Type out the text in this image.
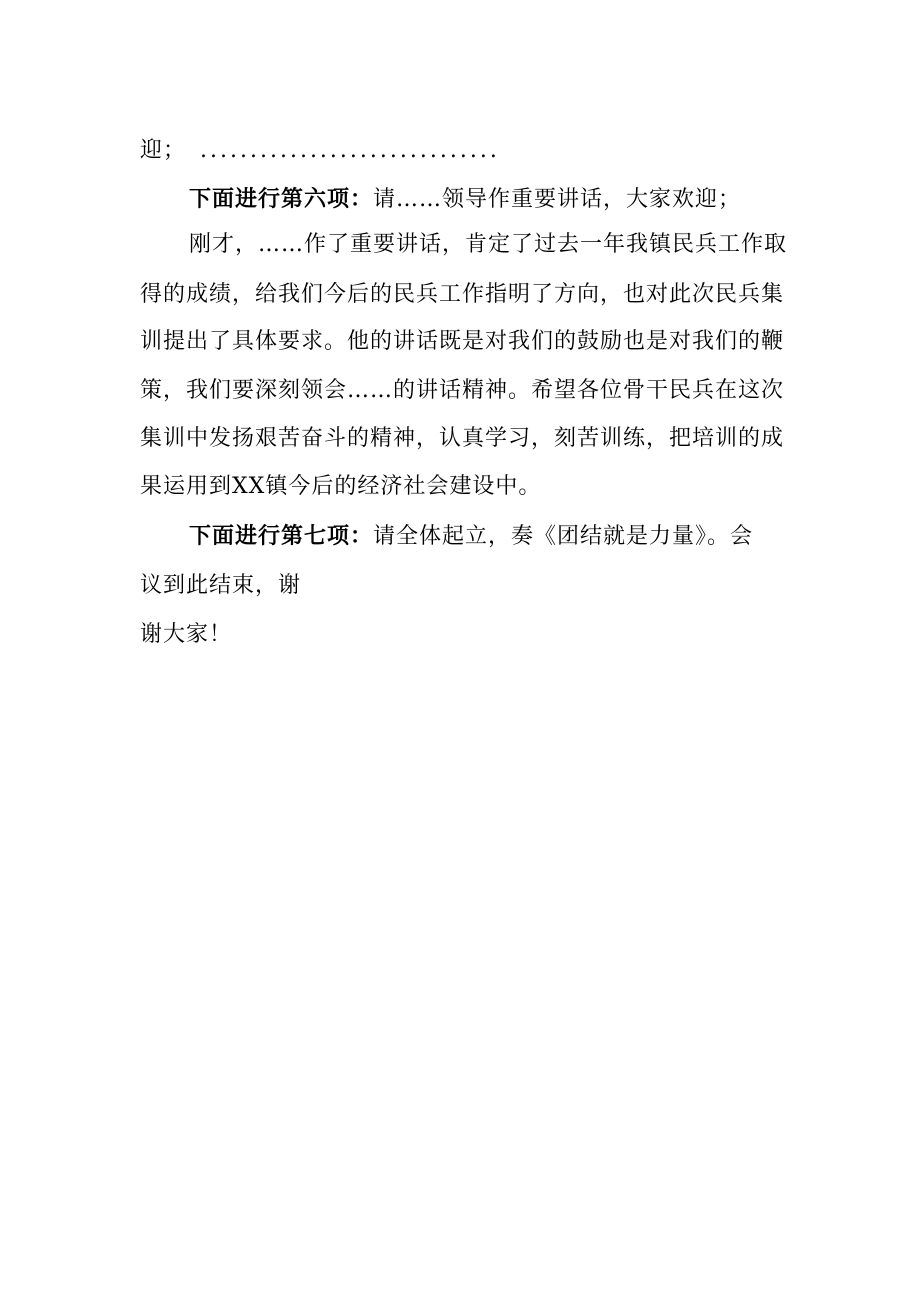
迎； ..............................
下面进行第六项：请……领导作重要讲话，大家欢迎；
刚才，……作了重要讲话，肯定了过去一年我镇民兵工作取
得的成绩，给我们今后的民兵工作指明了方向，也对此次民兵集
训提出了具体要求。他的讲话既是对我们的鼓励也是对我们的鞭
策，我们要深刻领会……的讲话精神。希望各位骨干民兵在这次
集训中发扬艰苦奋斗的精神，认真学习，刻苦训练，把培训的成
果运用到XX镇今后的经济社会建设中。
下面进行第七项：请全体起立，奏《团结就是力量》。会
议到此结束，谢
谢大家！
